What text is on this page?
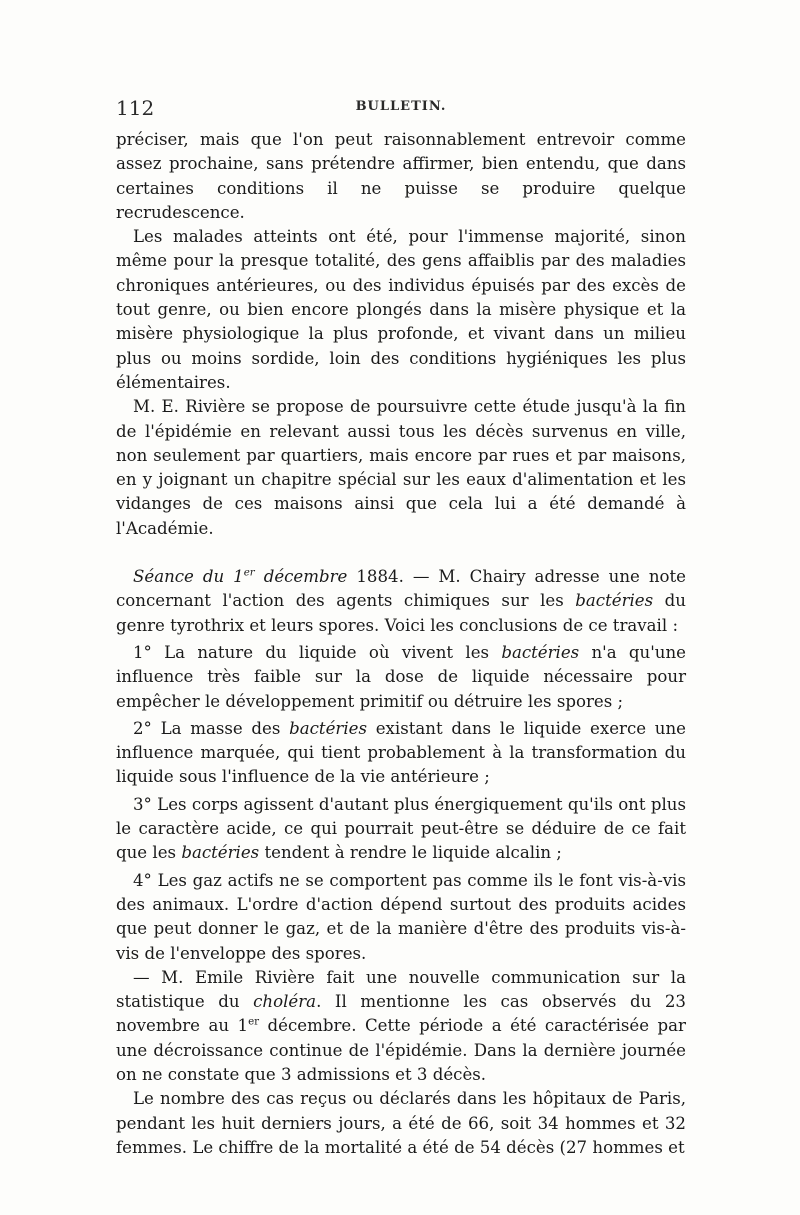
112	BULLETIN.

préciser, mais que l'on peut raisonnablement entrevoir comme assez prochaine, sans prétendre affirmer, bien entendu, que dans certaines conditions il ne puisse se produire quelque recrudescence.

Les malades atteints ont été, pour l'immense majorité, sinon même pour la presque totalité, des gens affaiblis par des maladies chroniques antérieures, ou des individus épuisés par des excès de tout genre, ou bien encore plongés dans la misère physique et la misère physiologique la plus profonde, et vivant dans un milieu plus ou moins sordide, loin des conditions hygiéniques les plus élémentaires.

M. E. Rivière se propose de poursuivre cette étude jusqu'à la fin de l'épidémie en relevant aussi tous les décès survenus en ville, non seulement par quartiers, mais encore par rues et par maisons, en y joignant un chapitre spécial sur les eaux d'alimentation et les vidanges de ces maisons ainsi que cela lui a été demandé à l'Académie.

Séance du 1er décembre 1884. — M. Chairy adresse une note concernant l'action des agents chimiques sur les bactéries du genre tyrothrix et leurs spores. Voici les conclusions de ce travail :

1° La nature du liquide où vivent les bactéries n'a qu'une influence très faible sur la dose de liquide nécessaire pour empêcher le développement primitif ou détruire les spores ;

2° La masse des bactéries existant dans le liquide exerce une influence marquée, qui tient probablement à la transformation du liquide sous l'influence de la vie antérieure ;

3° Les corps agissent d'autant plus énergiquement qu'ils ont plus le caractère acide, ce qui pourrait peut-être se déduire de ce fait que les bactéries tendent à rendre le liquide alcalin ;

4° Les gaz actifs ne se comportent pas comme ils le font vis-à-vis des animaux. L'ordre d'action dépend surtout des produits acides que peut donner le gaz, et de la manière d'être des produits vis-à-vis de l'enveloppe des spores.

— M. Emile Rivière fait une nouvelle communication sur la statistique du choléra. Il mentionne les cas observés du 23 novembre au 1er décembre. Cette période a été caractérisée par une décroissance continue de l'épidémie. Dans la dernière journée on ne constate que 3 admissions et 3 décès.

Le nombre des cas reçus ou déclarés dans les hôpitaux de Paris, pendant les huit derniers jours, a été de 66, soit 34 hommes et 32 femmes. Le chiffre de la mortalité a été de 54 décès (27 hommes et
